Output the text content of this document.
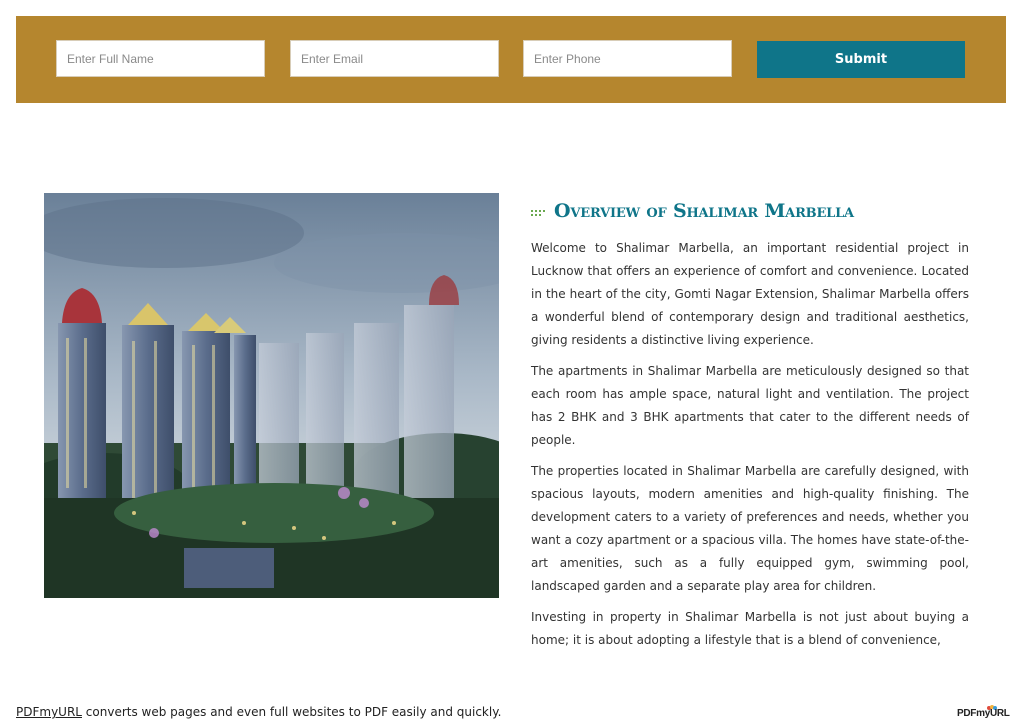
Enter Full Name
Enter Email
Enter Phone
Submit
Overview of Shalimar Marbella

Welcome to Shalimar Marbella, an important residential project in Lucknow that offers an experience of comfort and convenience. Located in the heart of the city, Gomti Nagar Extension, Shalimar Marbella offers a wonderful blend of contemporary design and traditional aesthetics, giving residents a distinctive living experience.

The apartments in Shalimar Marbella are meticulously designed so that each room has ample space, natural light and ventilation. The project has 2 BHK and 3 BHK apartments that cater to the different needs of people.

The properties located in Shalimar Marbella are carefully designed, with spacious layouts, modern amenities and high-quality finishing. The development caters to a variety of preferences and needs, whether you want a cozy apartment or a spacious villa. The homes have state-of-the-art amenities, such as a fully equipped gym, swimming pool, landscaped garden and a separate play area for children.

Investing in property in Shalimar Marbella is not just about buying a home; it is about adopting a lifestyle that is a blend of convenience,

PDFmyURL converts web pages and even full websites to PDF easily and quickly.	PDFmyURL
